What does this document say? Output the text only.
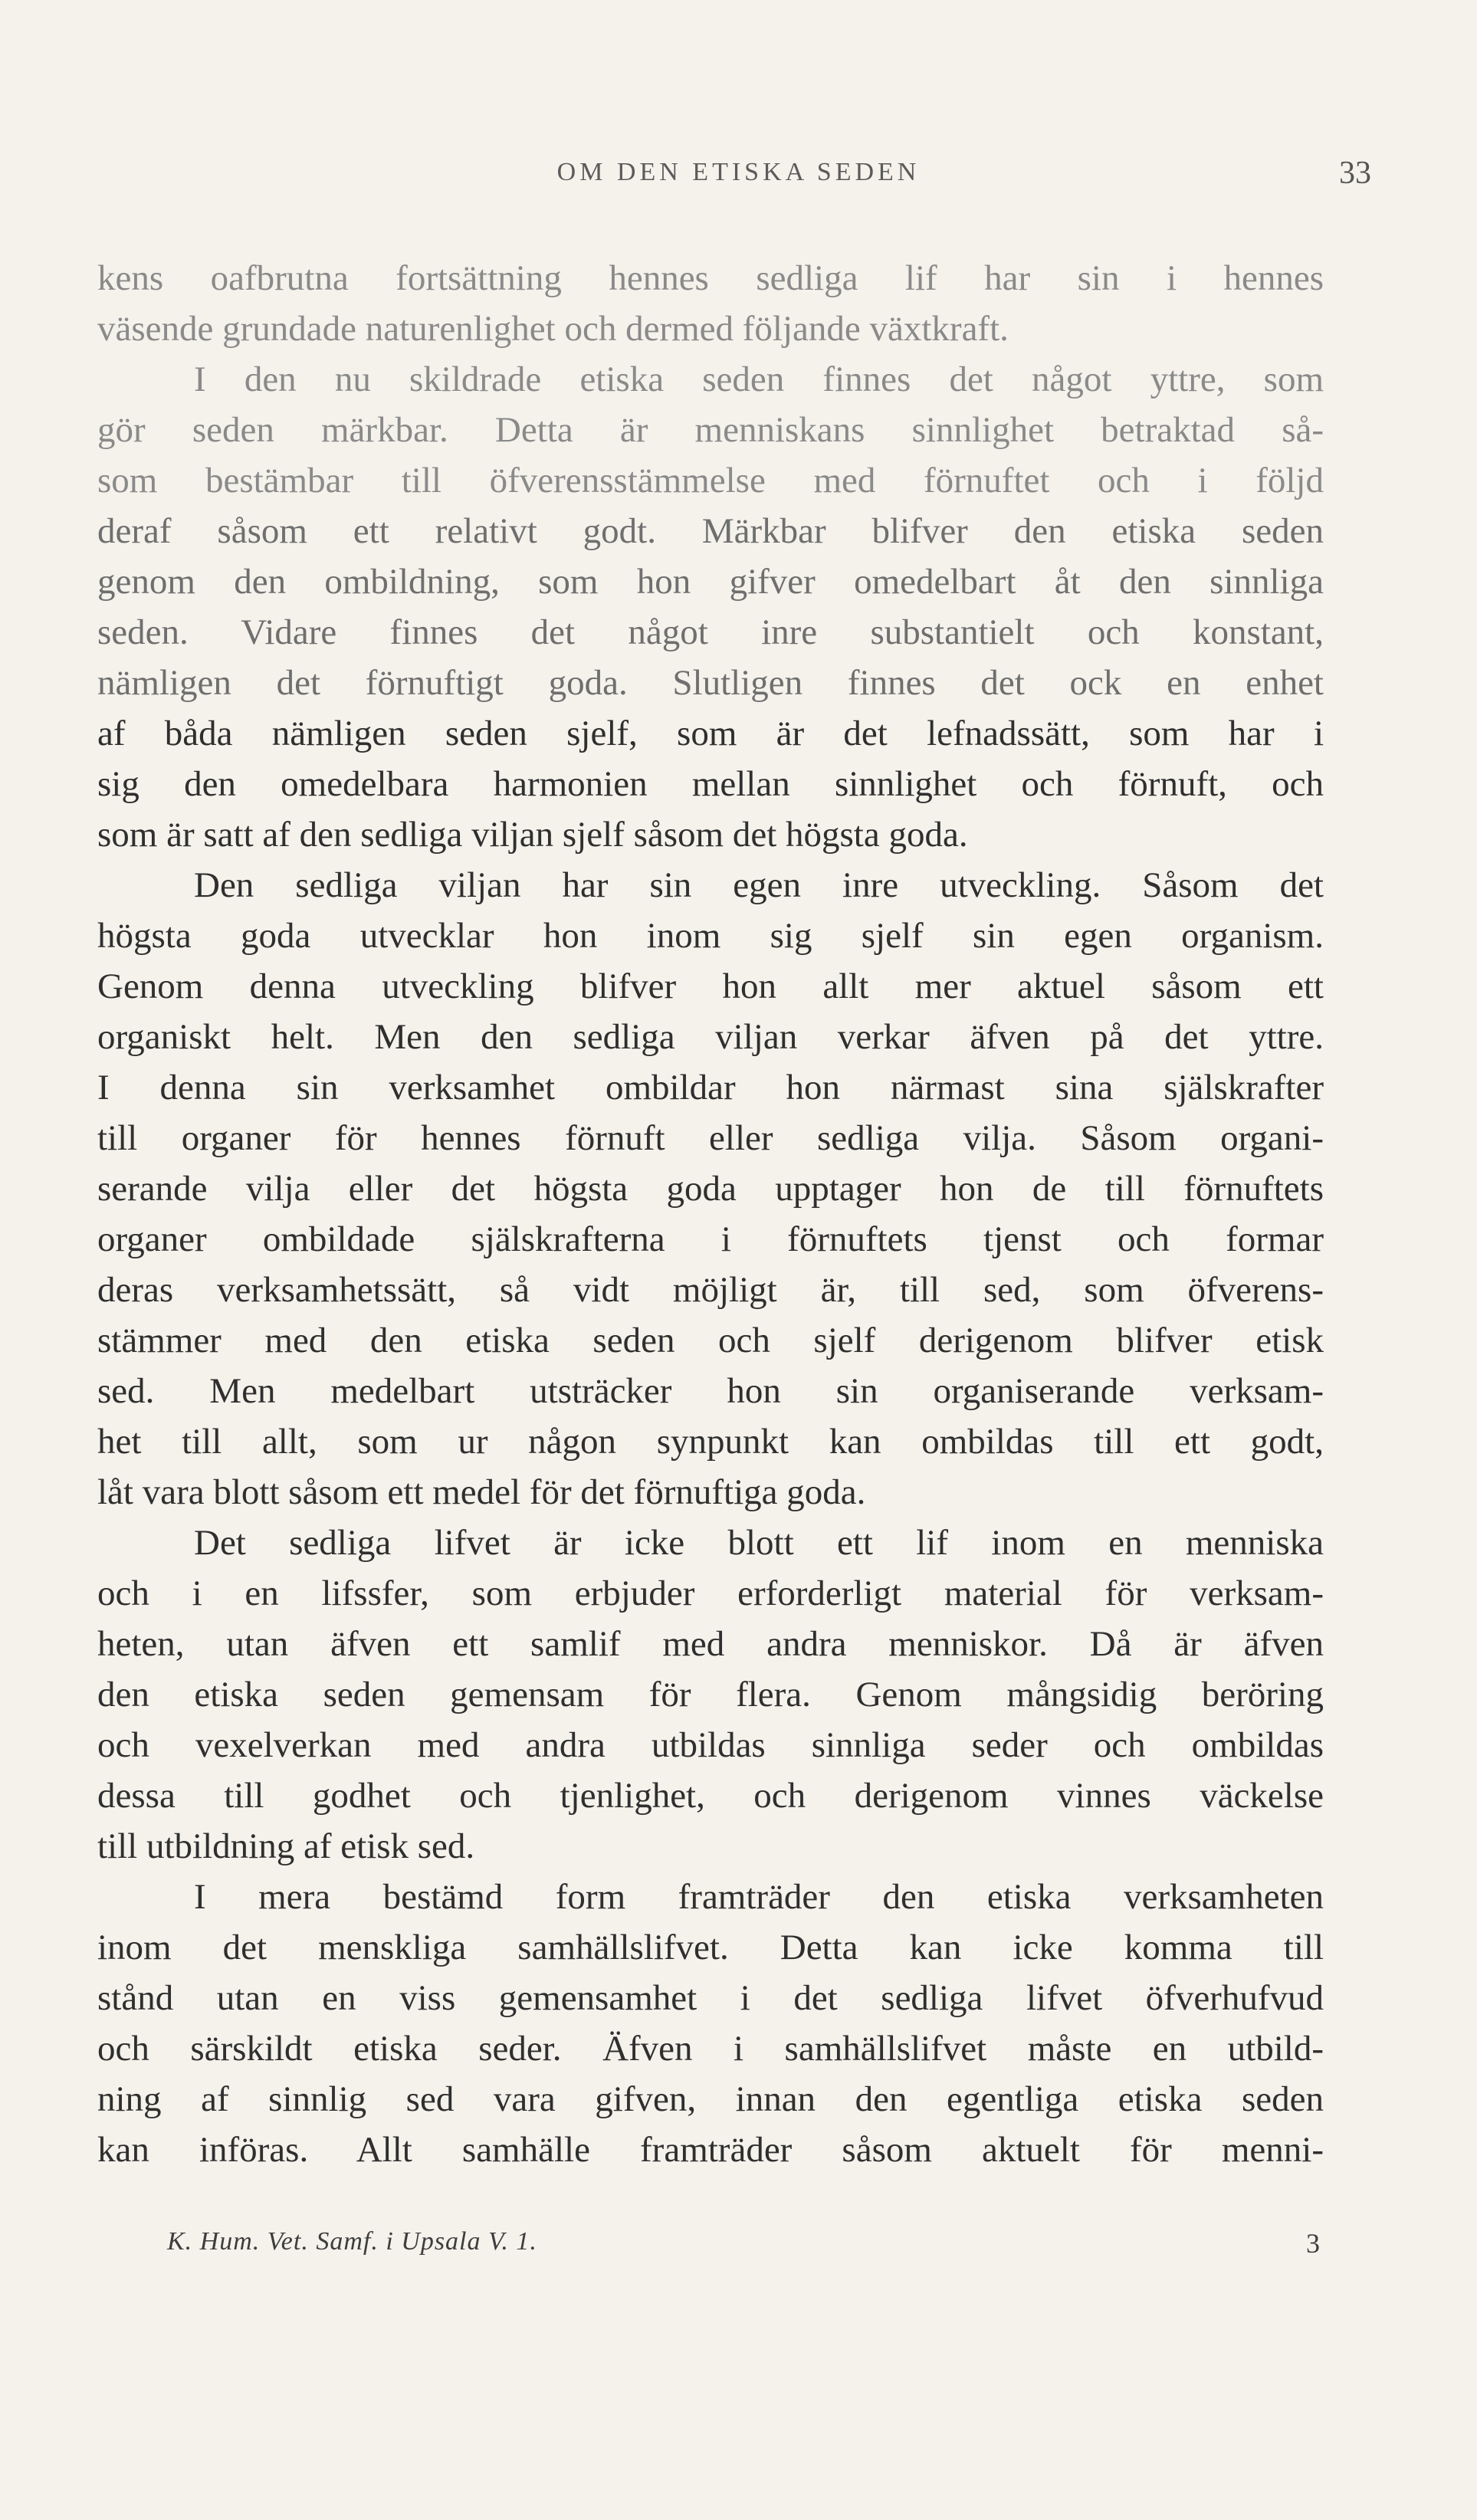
OM DEN ETISKA SEDEN	33
kens oafbrutna fortsättning hennes sedliga lif har sin i hennes
väsende grundade naturenlighet och dermed följande växtkraft.
I den nu skildrade etiska seden finnes det något yttre, som
gör seden märkbar. Detta är menniskans sinnlighet betraktad så-
som bestämbar till öfverensstämmelse med förnuftet och i följd
deraf såsom ett relativt godt. Märkbar blifver den etiska seden
genom den ombildning, som hon gifver omedelbart åt den sinnliga
seden. Vidare finnes det något inre substantielt och konstant,
nämligen det förnuftigt goda. Slutligen finnes det ock en enhet
af båda nämligen seden sjelf, som är det lefnadssätt, som har i
sig den omedelbara harmonien mellan sinnlighet och förnuft, och
som är satt af den sedliga viljan sjelf såsom det högsta goda.
Den sedliga viljan har sin egen inre utveckling. Såsom det
högsta goda utvecklar hon inom sig sjelf sin egen organism.
Genom denna utveckling blifver hon allt mer aktuel såsom ett
organiskt helt. Men den sedliga viljan verkar äfven på det yttre.
I denna sin verksamhet ombildar hon närmast sina själskrafter
till organer för hennes förnuft eller sedliga vilja. Såsom organi-
serande vilja eller det högsta goda upptager hon de till förnuftets
organer ombildade själskrafterna i förnuftets tjenst och formar
deras verksamhetssätt, så vidt möjligt är, till sed, som öfverens-
stämmer med den etiska seden och sjelf derigenom blifver etisk
sed. Men medelbart utsträcker hon sin organiserande verksam-
het till allt, som ur någon synpunkt kan ombildas till ett godt,
låt vara blott såsom ett medel för det förnuftiga goda.
Det sedliga lifvet är icke blott ett lif inom en menniska
och i en lifssfer, som erbjuder erforderligt material för verksam-
heten, utan äfven ett samlif med andra menniskor. Då är äfven
den etiska seden gemensam för flera. Genom mångsidig beröring
och vexelverkan med andra utbildas sinnliga seder och ombildas
dessa till godhet och tjenlighet, och derigenom vinnes väckelse
till utbildning af etisk sed.
I mera bestämd form framträder den etiska verksamheten
inom det menskliga samhällslifvet. Detta kan icke komma till
stånd utan en viss gemensamhet i det sedliga lifvet öfverhufvud
och särskildt etiska seder. Äfven i samhällslifvet måste en utbild-
ning af sinnlig sed vara gifven, innan den egentliga etiska seden
kan införas. Allt samhälle framträder såsom aktuelt för menni-
K. Hum. Vet. Samf. i Upsala V. 1.	3
